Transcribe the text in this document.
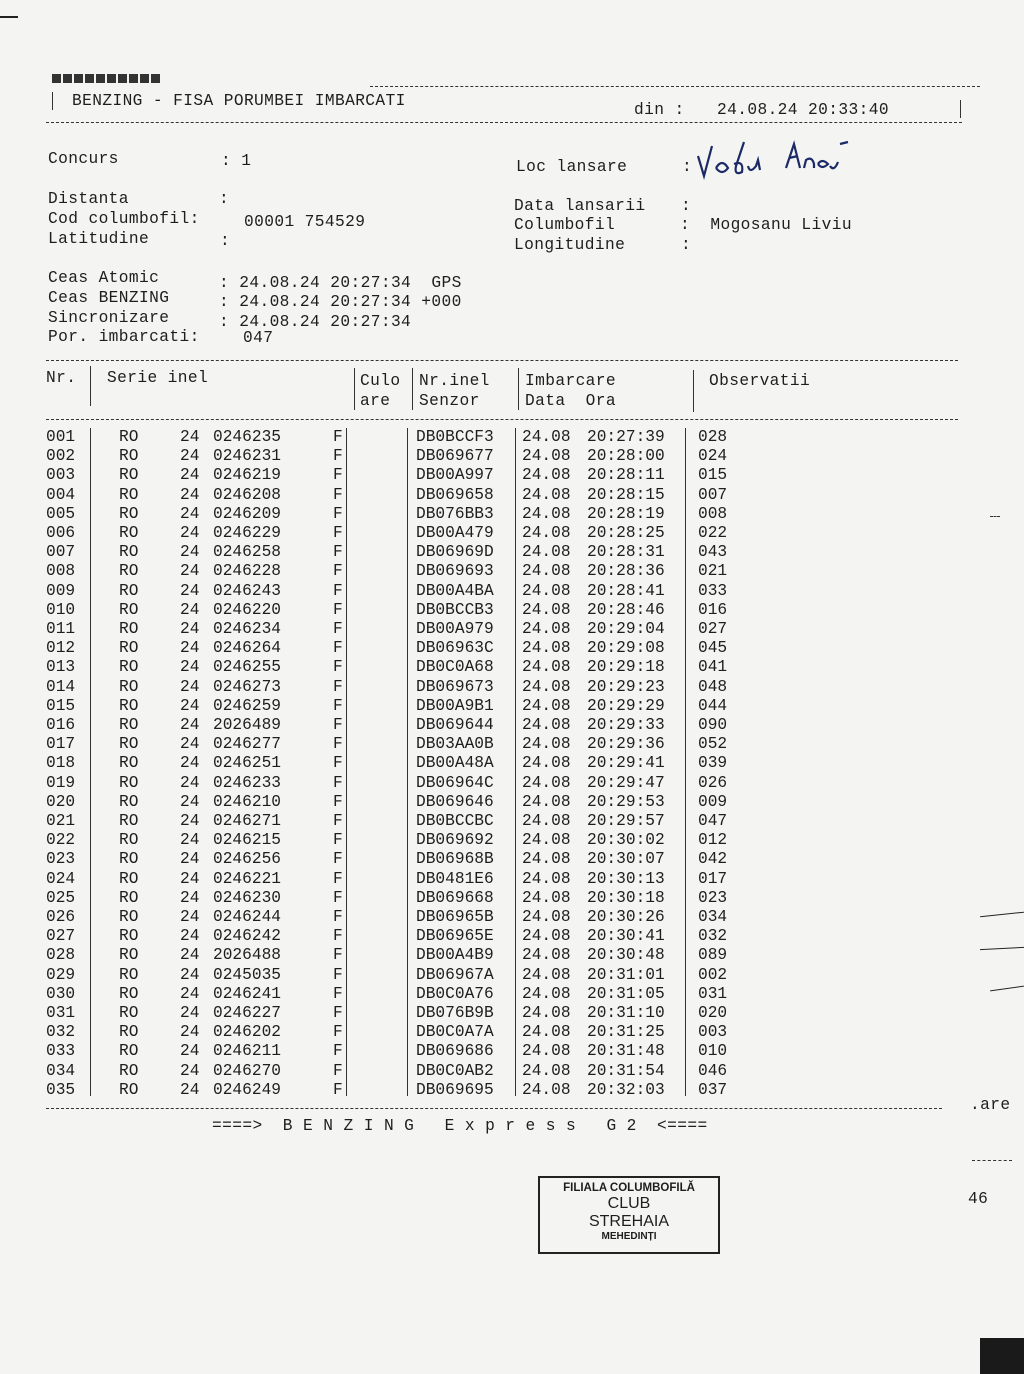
BENZING - FISA PORUMBEI IMBARCATI	din : 24.08.24 20:33:40
Concurs	: 1	Loc lansare	:
Vodu Anei
Distanta	:	Data lansarii :
Cod columbofil:	00001 754529	Columbofil	:  Mogosanu Liviu
Latitudine	:	Longitudine	:
Ceas Atomic	: 24.08.24 20:27:34  GPS
Ceas BENZING	: 24.08.24 20:27:34 +000
Sincronizare	: 24.08.24 20:27:34
Por. imbarcati:	047
Nr. Serie inel	Culo
are
Nr.inel
Senzor
Imbarcare
Data  Ora
Observatii
001	RO	24 0246235	F	DB0BCCF3 24.08 20:27:39 028
002	RO	24 0246231	F	DB069677 24.08 20:28:00 024
003	RO	24 0246219	F	DB00A997 24.08 20:28:11 015
004	RO	24 0246208	F	DB069658 24.08 20:28:15 007
005	RO	24 0246209	F	DB076BB3 24.08 20:28:19 008
006	RO	24 0246229	F	DB00A479 24.08 20:28:25 022
007	RO	24 0246258	F	DB06969D 24.08 20:28:31 043
008	RO	24 0246228	F	DB069693 24.08 20:28:36 021
009	RO	24 0246243	F	DB00A4BA 24.08 20:28:41 033
010	RO	24 0246220	F	DB0BCCB3 24.08 20:28:46 016
011	RO	24 0246234	F	DB00A979 24.08 20:29:04 027
012	RO	24 0246264	F	DB06963C 24.08 20:29:08 045
013	RO	24 0246255	F	DB0C0A68 24.08 20:29:18 041
014	RO	24 0246273	F	DB069673 24.08 20:29:23 048
015	RO	24 0246259	F	DB00A9B1 24.08 20:29:29 044
016	RO	24 2026489	F	DB069644 24.08 20:29:33 090
017	RO	24 0246277	F	DB03AA0B 24.08 20:29:36 052
018	RO	24 0246251	F	DB00A48A 24.08 20:29:41 039
019	RO	24 0246233	F	DB06964C 24.08 20:29:47 026
020	RO	24 0246210	F	DB069646 24.08 20:29:53 009
021	RO	24 0246271	F	DB0BCCBC 24.08 20:29:57 047
022	RO	24 0246215	F	DB069692 24.08 20:30:02 012
023	RO	24 0246256	F	DB06968B 24.08 20:30:07 042
024	RO	24 0246221	F	DB0481E6 24.08 20:30:13 017
025	RO	24 0246230	F	DB069668 24.08 20:30:18 023
026	RO	24 0246244	F	DB06965B 24.08 20:30:26 034
027	RO	24 0246242	F	DB06965E 24.08 20:30:41 032
028	RO	24 2026488	F	DB00A4B9 24.08 20:30:48 089
029	RO	24 0245035	F	DB06967A 24.08 20:31:01 002
030	RO	24 0246241	F	DB0C0A76 24.08 20:31:05 031
031	RO	24 0246227	F	DB076B9B 24.08 20:31:10 020
032	RO	24 0246202	F	DB0C0A7A 24.08 20:31:25 003
033	RO	24 0246211	F	DB069686 24.08 20:31:48 010
034	RO	24 0246270	F	DB0C0AB2 24.08 20:31:54 046
035	RO	24 0246249	F	DB069695 24.08 20:32:03 037
====>  B E N Z I N G   E x p r e s s   G 2  <====
FILIALA COLUMBOFILĂ
CLUB
STREHAIA
MEHEDINȚI
.are
46
